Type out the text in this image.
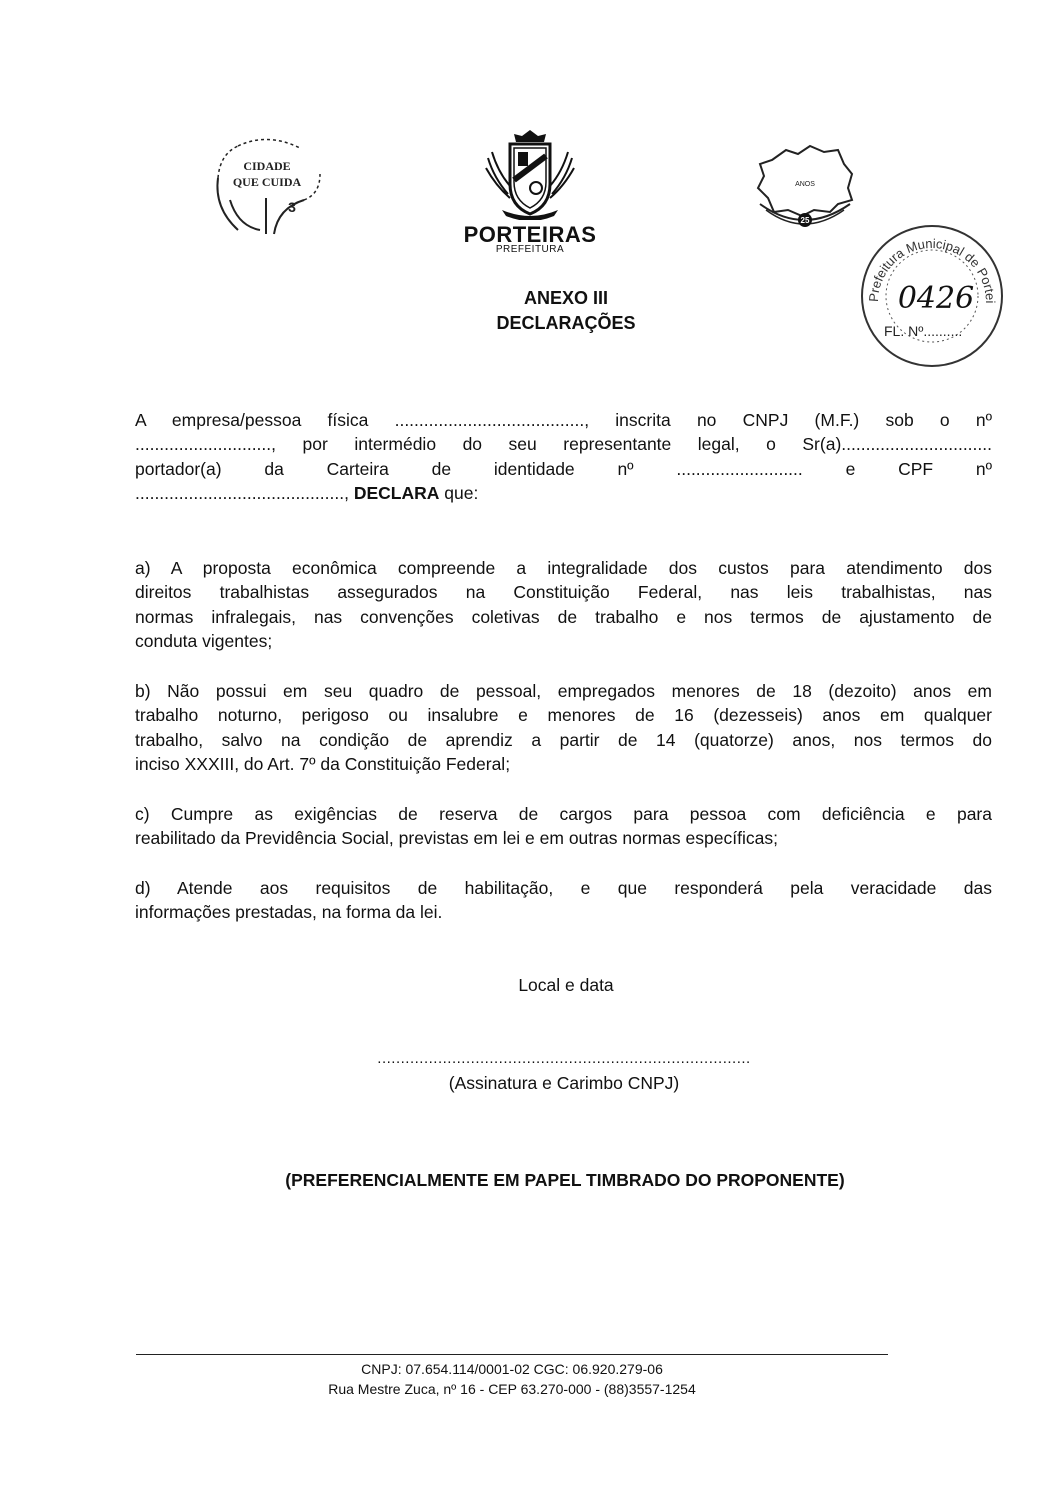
CIDADE
QUE CUIDA
3
PORTEIRAS
PREFEITURA
ANOS
25
Prefeitura Municipal de Portei
0426
FL. Nº..........
ANEXO III
DECLARAÇÕES
A empresa/pessoa física ......................................., inscrita no CNPJ (M.F.) sob o nº
............................, por intermédio do seu representante legal, o Sr(a)...............................
portador(a) da Carteira de identidade nº .......................... e CPF nº
..........................................., DECLARA que:
a) A proposta econômica compreende a integralidade dos custos para atendimento dos
direitos trabalhistas assegurados na Constituição Federal, nas leis trabalhistas, nas
normas infralegais, nas convenções coletivas de trabalho e nos termos de ajustamento de
conduta vigentes;
b) Não possui em seu quadro de pessoal, empregados menores de 18 (dezoito) anos em
trabalho noturno, perigoso ou insalubre e menores de 16 (dezesseis) anos em qualquer
trabalho, salvo na condição de aprendiz a partir de 14 (quatorze) anos, nos termos do
inciso XXXIII, do Art. 7º da Constituição Federal;
c) Cumpre as exigências de reserva de cargos para pessoa com deficiência e para
reabilitado da Previdência Social, previstas em lei e em outras normas específicas;
d) Atende aos requisitos de habilitação, e que responderá pela veracidade das
informações prestadas, na forma da lei.
Local e data
................................................................................
(Assinatura e Carimbo CNPJ)
(PREFERENCIALMENTE EM PAPEL TIMBRADO DO PROPONENTE)
CNPJ: 07.654.114/0001-02 CGC: 06.920.279-06
Rua Mestre Zuca, nº 16 - CEP 63.270-000 - (88)3557-1254
